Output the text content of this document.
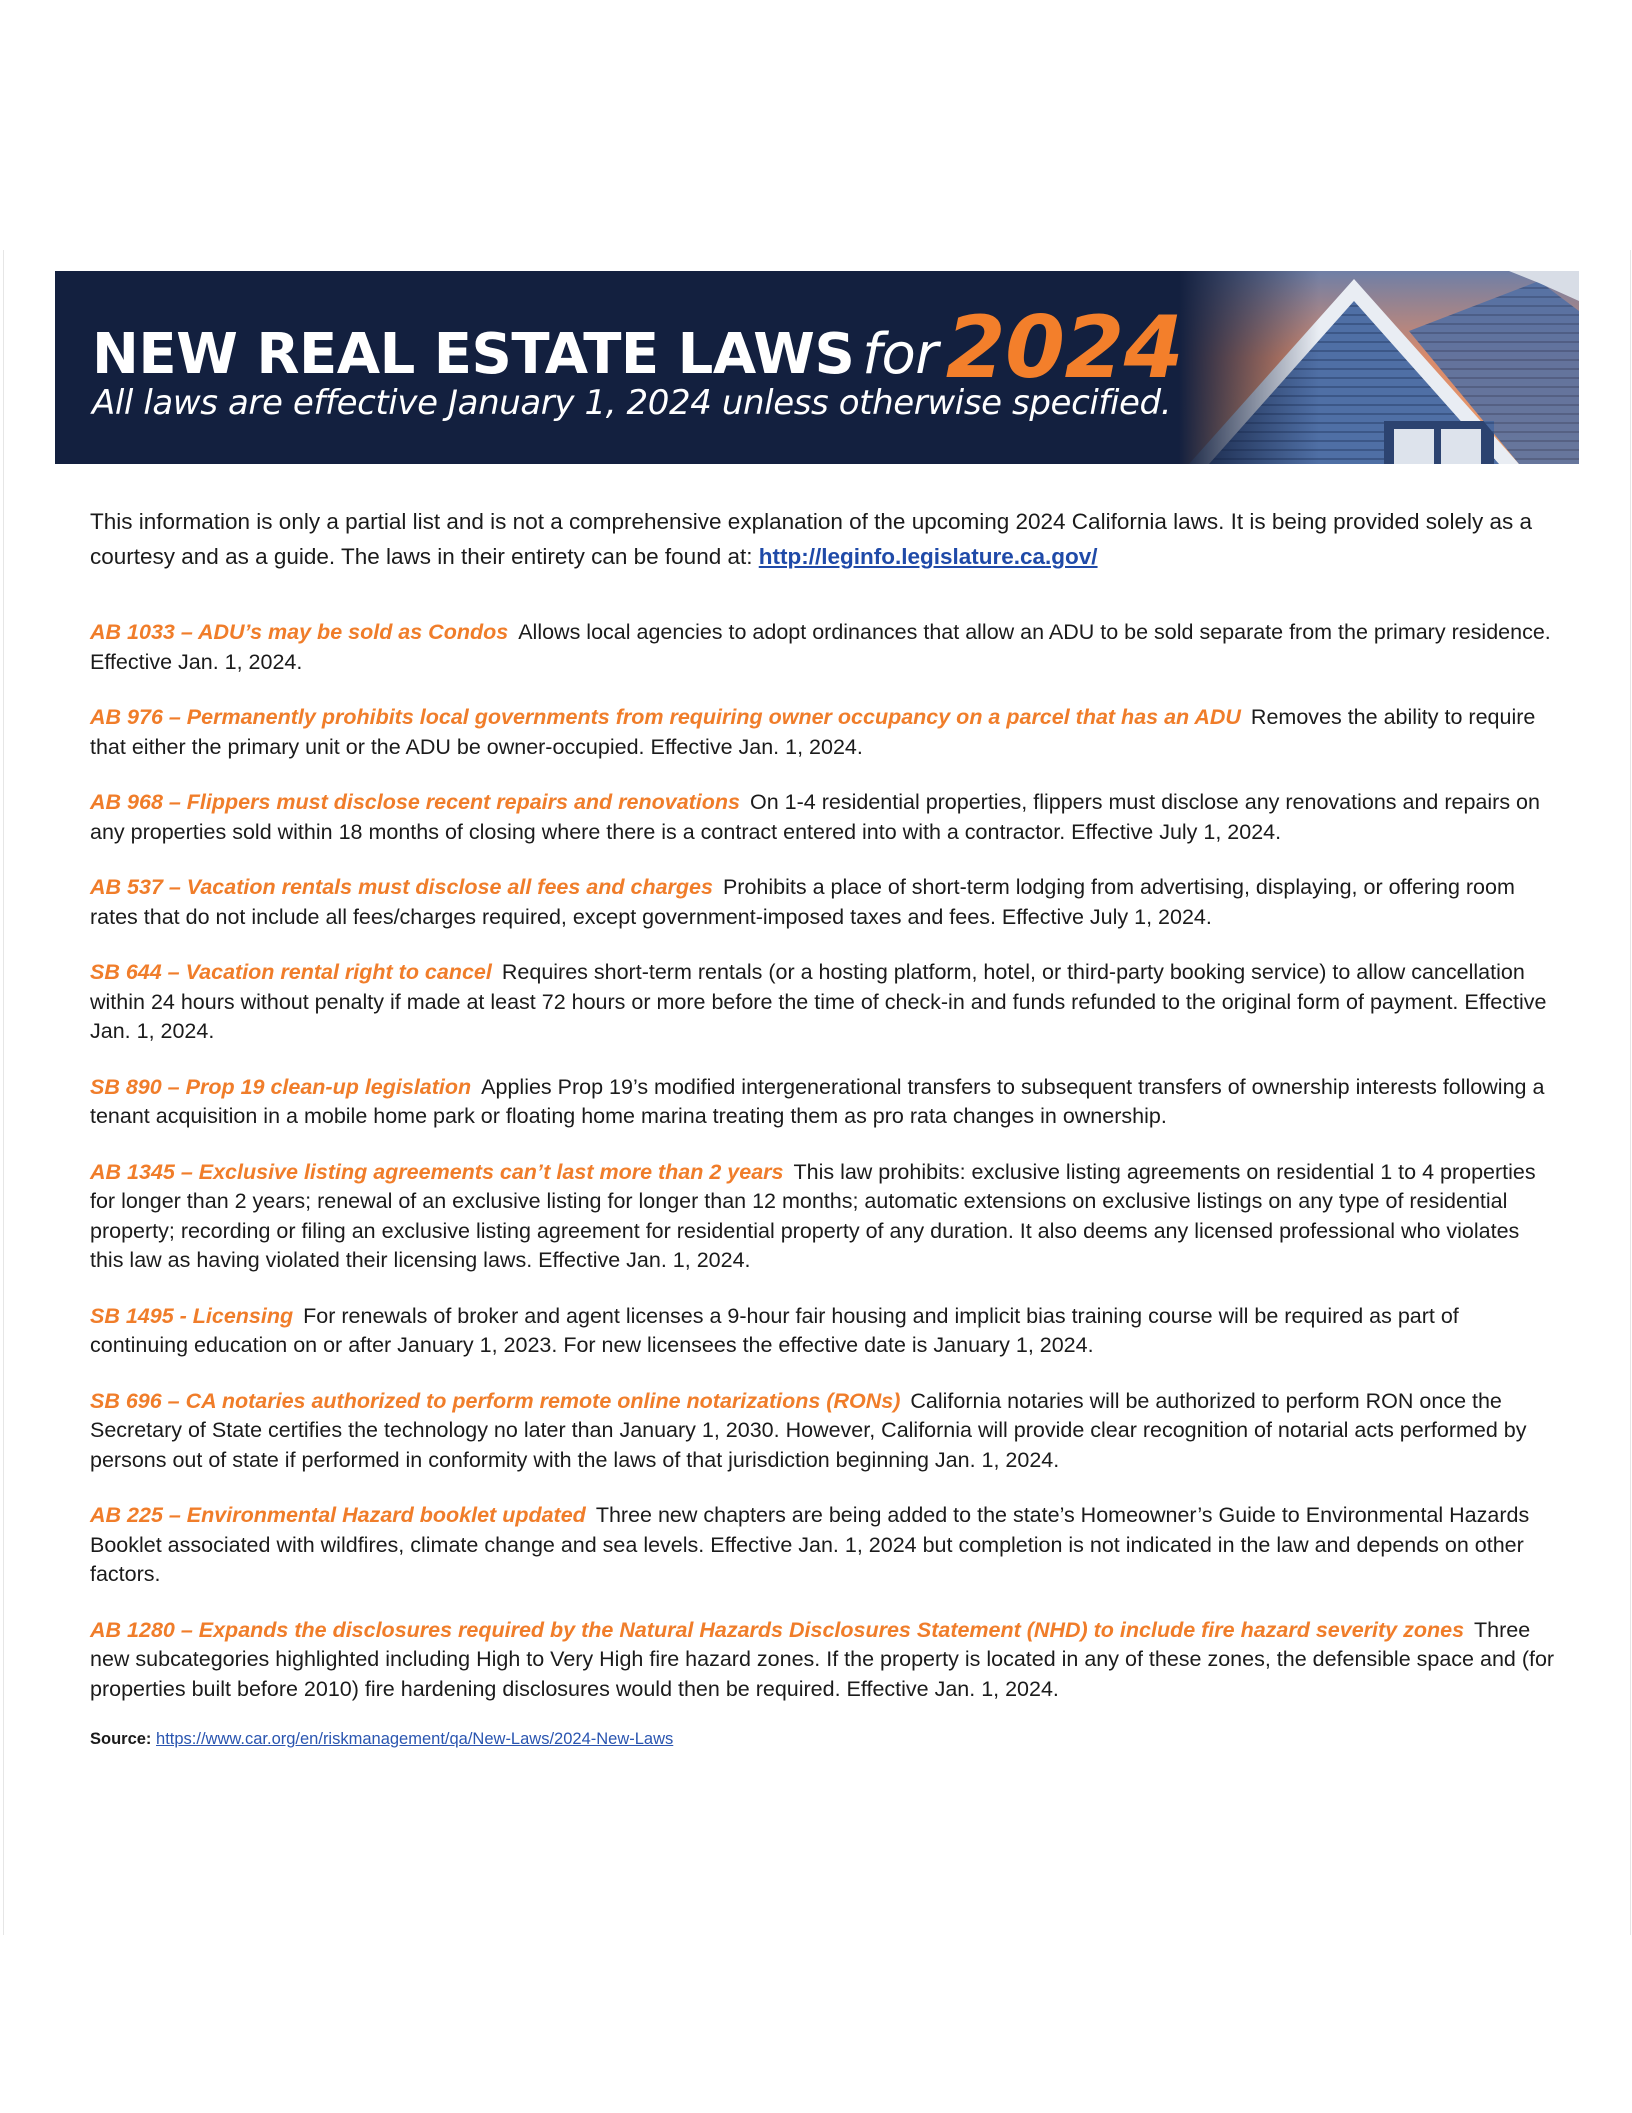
NEW REAL ESTATE LAWS for2024

All laws are effective January 1, 2024 unless otherwise specified.

This information is only a partial list and is not a comprehensive explanation of the upcoming 2024 California laws. It is being provided solely as a courtesy and as a guide. The laws in their entirety can be found at: http://leginfo.legislature.ca.gov/

AB 1033 – ADU’s may be sold as Condos Allows local agencies to adopt ordinances that allow an ADU to be sold separate from the primary residence. Effective Jan. 1, 2024.

AB 976 – Permanently prohibits local governments from requiring owner occupancy on a parcel that has an ADU Removes the ability to require that either the primary unit or the ADU be owner-occupied. Effective Jan. 1, 2024.

AB 968 – Flippers must disclose recent repairs and renovations On 1-4 residential properties, flippers must disclose any renovations and repairs on any properties sold within 18 months of closing where there is a contract entered into with a contractor. Effective July 1, 2024.

AB 537 – Vacation rentals must disclose all fees and charges Prohibits a place of short-term lodging from advertising, displaying, or offering room rates that do not include all fees/charges required, except government-imposed taxes and fees. Effective July 1, 2024.

SB 644 – Vacation rental right to cancel Requires short-term rentals (or a hosting platform, hotel, or third-party booking service) to allow cancellation within 24 hours without penalty if made at least 72 hours or more before the time of check-in and funds refunded to the original form of payment. Effective Jan. 1, 2024.

SB 890 – Prop 19 clean-up legislation Applies Prop 19’s modified intergenerational transfers to subsequent transfers of ownership interests following a tenant acquisition in a mobile home park or floating home marina treating them as pro rata changes in ownership.

AB 1345 – Exclusive listing agreements can’t last more than 2 years This law prohibits: exclusive listing agreements on residential 1 to 4 properties for longer than 2 years; renewal of an exclusive listing for longer than 12 months; automatic extensions on exclusive listings on any type of residential property; recording or filing an exclusive listing agreement for residential property of any duration. It also deems any licensed professional who violates this law as having violated their licensing laws. Effective Jan. 1, 2024.

SB 1495 - Licensing For renewals of broker and agent licenses a 9-hour fair housing and implicit bias training course will be required as part of continuing education on or after January 1, 2023. For new licensees the effective date is January 1, 2024.

SB 696 – CA notaries authorized to perform remote online notarizations (RONs) California notaries will be authorized to perform RON once the Secretary of State certifies the technology no later than January 1, 2030. However, California will provide clear recognition of notarial acts performed by persons out of state if performed in conformity with the laws of that jurisdiction beginning Jan. 1, 2024.

AB 225 – Environmental Hazard booklet updated Three new chapters are being added to the state’s Homeowner’s Guide to Environmental Hazards Booklet associated with wildfires, climate change and sea levels. Effective Jan. 1, 2024 but completion is not indicated in the law and depends on other factors.

AB 1280 – Expands the disclosures required by the Natural Hazards Disclosures Statement (NHD) to include fire hazard severity zones Three new subcategories highlighted including High to Very High fire hazard zones. If the property is located in any of these zones, the defensible space and (for properties built before 2010) fire hardening disclosures would then be required. Effective Jan. 1, 2024.

Source: https://www.car.org/en/riskmanagement/qa/New-Laws/2024-New-Laws
